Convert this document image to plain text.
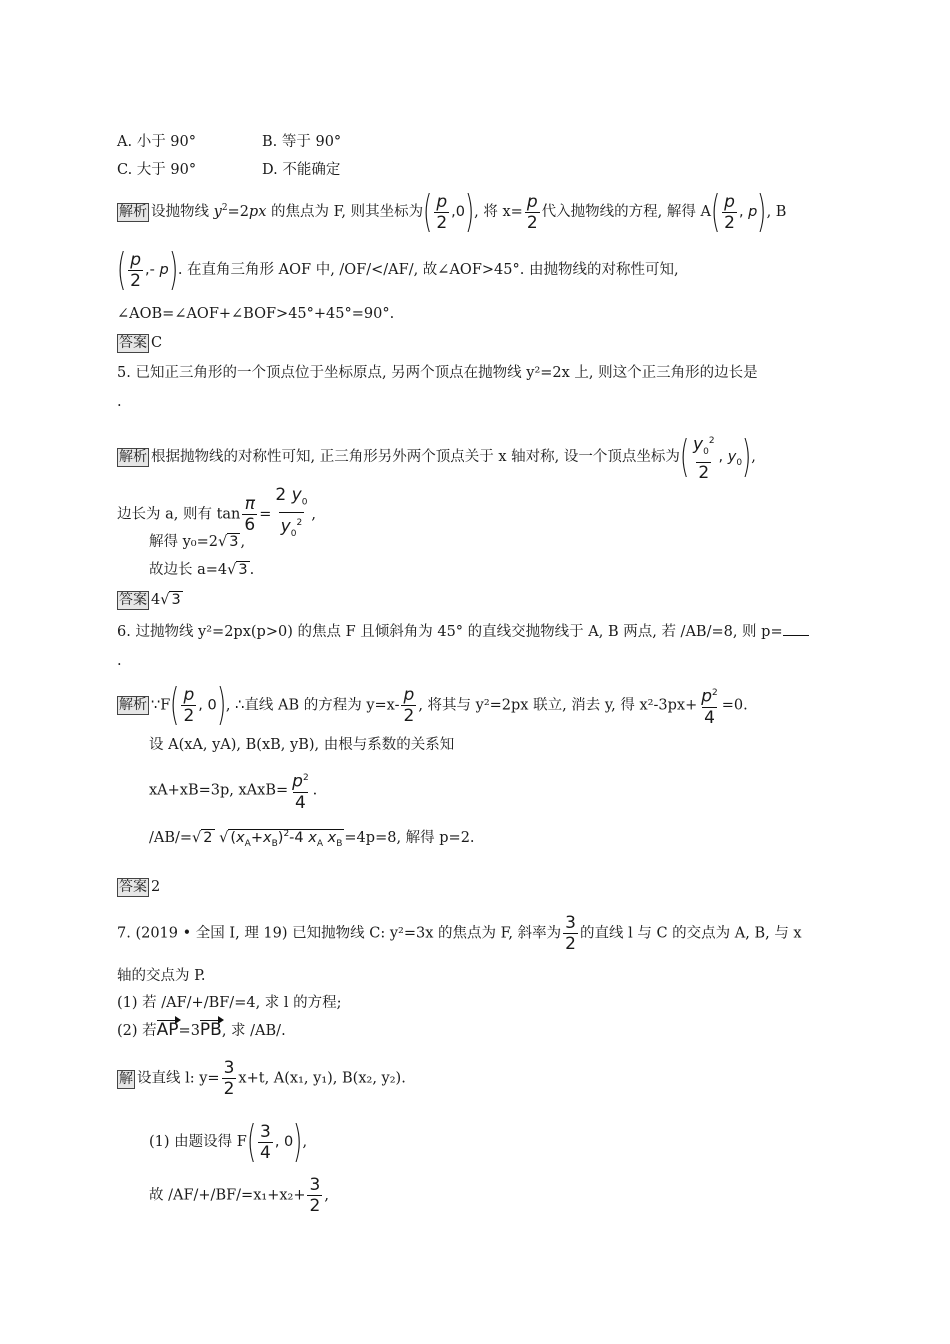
A. 小于 90°	B. 等于 90°
C. 大于 90°	D. 不能确定
解析 设抛物线 $y^2=2px$ 的焦点为 F, 则其坐标为( $\frac{p}{2} ,0$), 将 $x= \frac{p}{2}$ 代入抛物线的方程, 解得 $A( \frac{p}{2}$ , p), B
( $\frac{p}{2}$ ,- p). 在直角三角形 AOF 中, /OF/</AF/, 故∠AOF>45°. 由抛物线的对称性可知,
∠AOB=∠AOF+∠BOF>45°+45°=90°.
答案 C
5. 已知正三角形的一个顶点位于坐标原点, 另两个顶点在抛物线 y²=2x 上, 则这个正三角形的边长是
.
解析 根据抛物线的对称性可知, 正三角形另外两个顶点关于 x 轴对称, 设一个顶点坐标为( $\frac{y_0^2}{2}$ , $y_0$),
边长为 a, 则有 $\tan \frac{\pi}{6} = \frac{2 y_0}{y_0^2}$ ,
解得 y₀=2√ 3 ,
故边长 a=4√ 3 .
答案 4√ 3
6. 过抛物线 y²=2px(p>0) 的焦点 F 且倾斜角为 45° 的直线交抛物线于 A, B 两点, 若 /AB/=8, 则 p=
.
解析 ∵F( $\frac{p}{2}$ , 0), ∴直线 AB 的方程为 $y=x- \frac{p}{2}$ , 将其与 y²=2px 联立, 消去 y, 得 $x^2-3px+ \frac{p^2}{4} =0$.
设 A(xA, yA), B(xB, yB), 由根与系数的关系知
xA+xB=3p, xAxB= $\frac{p^2}{4}$ .
/AB/=√ 2 √ $(x_A+x_B)^2-4$ $x_A$ $x_B =4p=8$, 解得 p=2.
答案 2
7. (2019 • 全国 Ⅰ, 理 19) 已知抛物线 C: y²=3x 的焦点为 F, 斜率为 $\frac{3}{2}$ 的直线 l 与 C 的交点为 A, B, 与 x
轴的交点为 P.
(1) 若 /AF/+/BF/=4, 求 l 的方程;
(2) 若AP=3PB, 求 /AB/.
解 设直线 l: $y= \frac{3}{2} x+t$, A(x₁, y₁), B(x₂, y₂).
(1) 由题设得 $F( \frac{3}{4}$ , 0),
故 $/AF/+/BF/=x_1+x_2+ \frac{3}{2}$ ,
